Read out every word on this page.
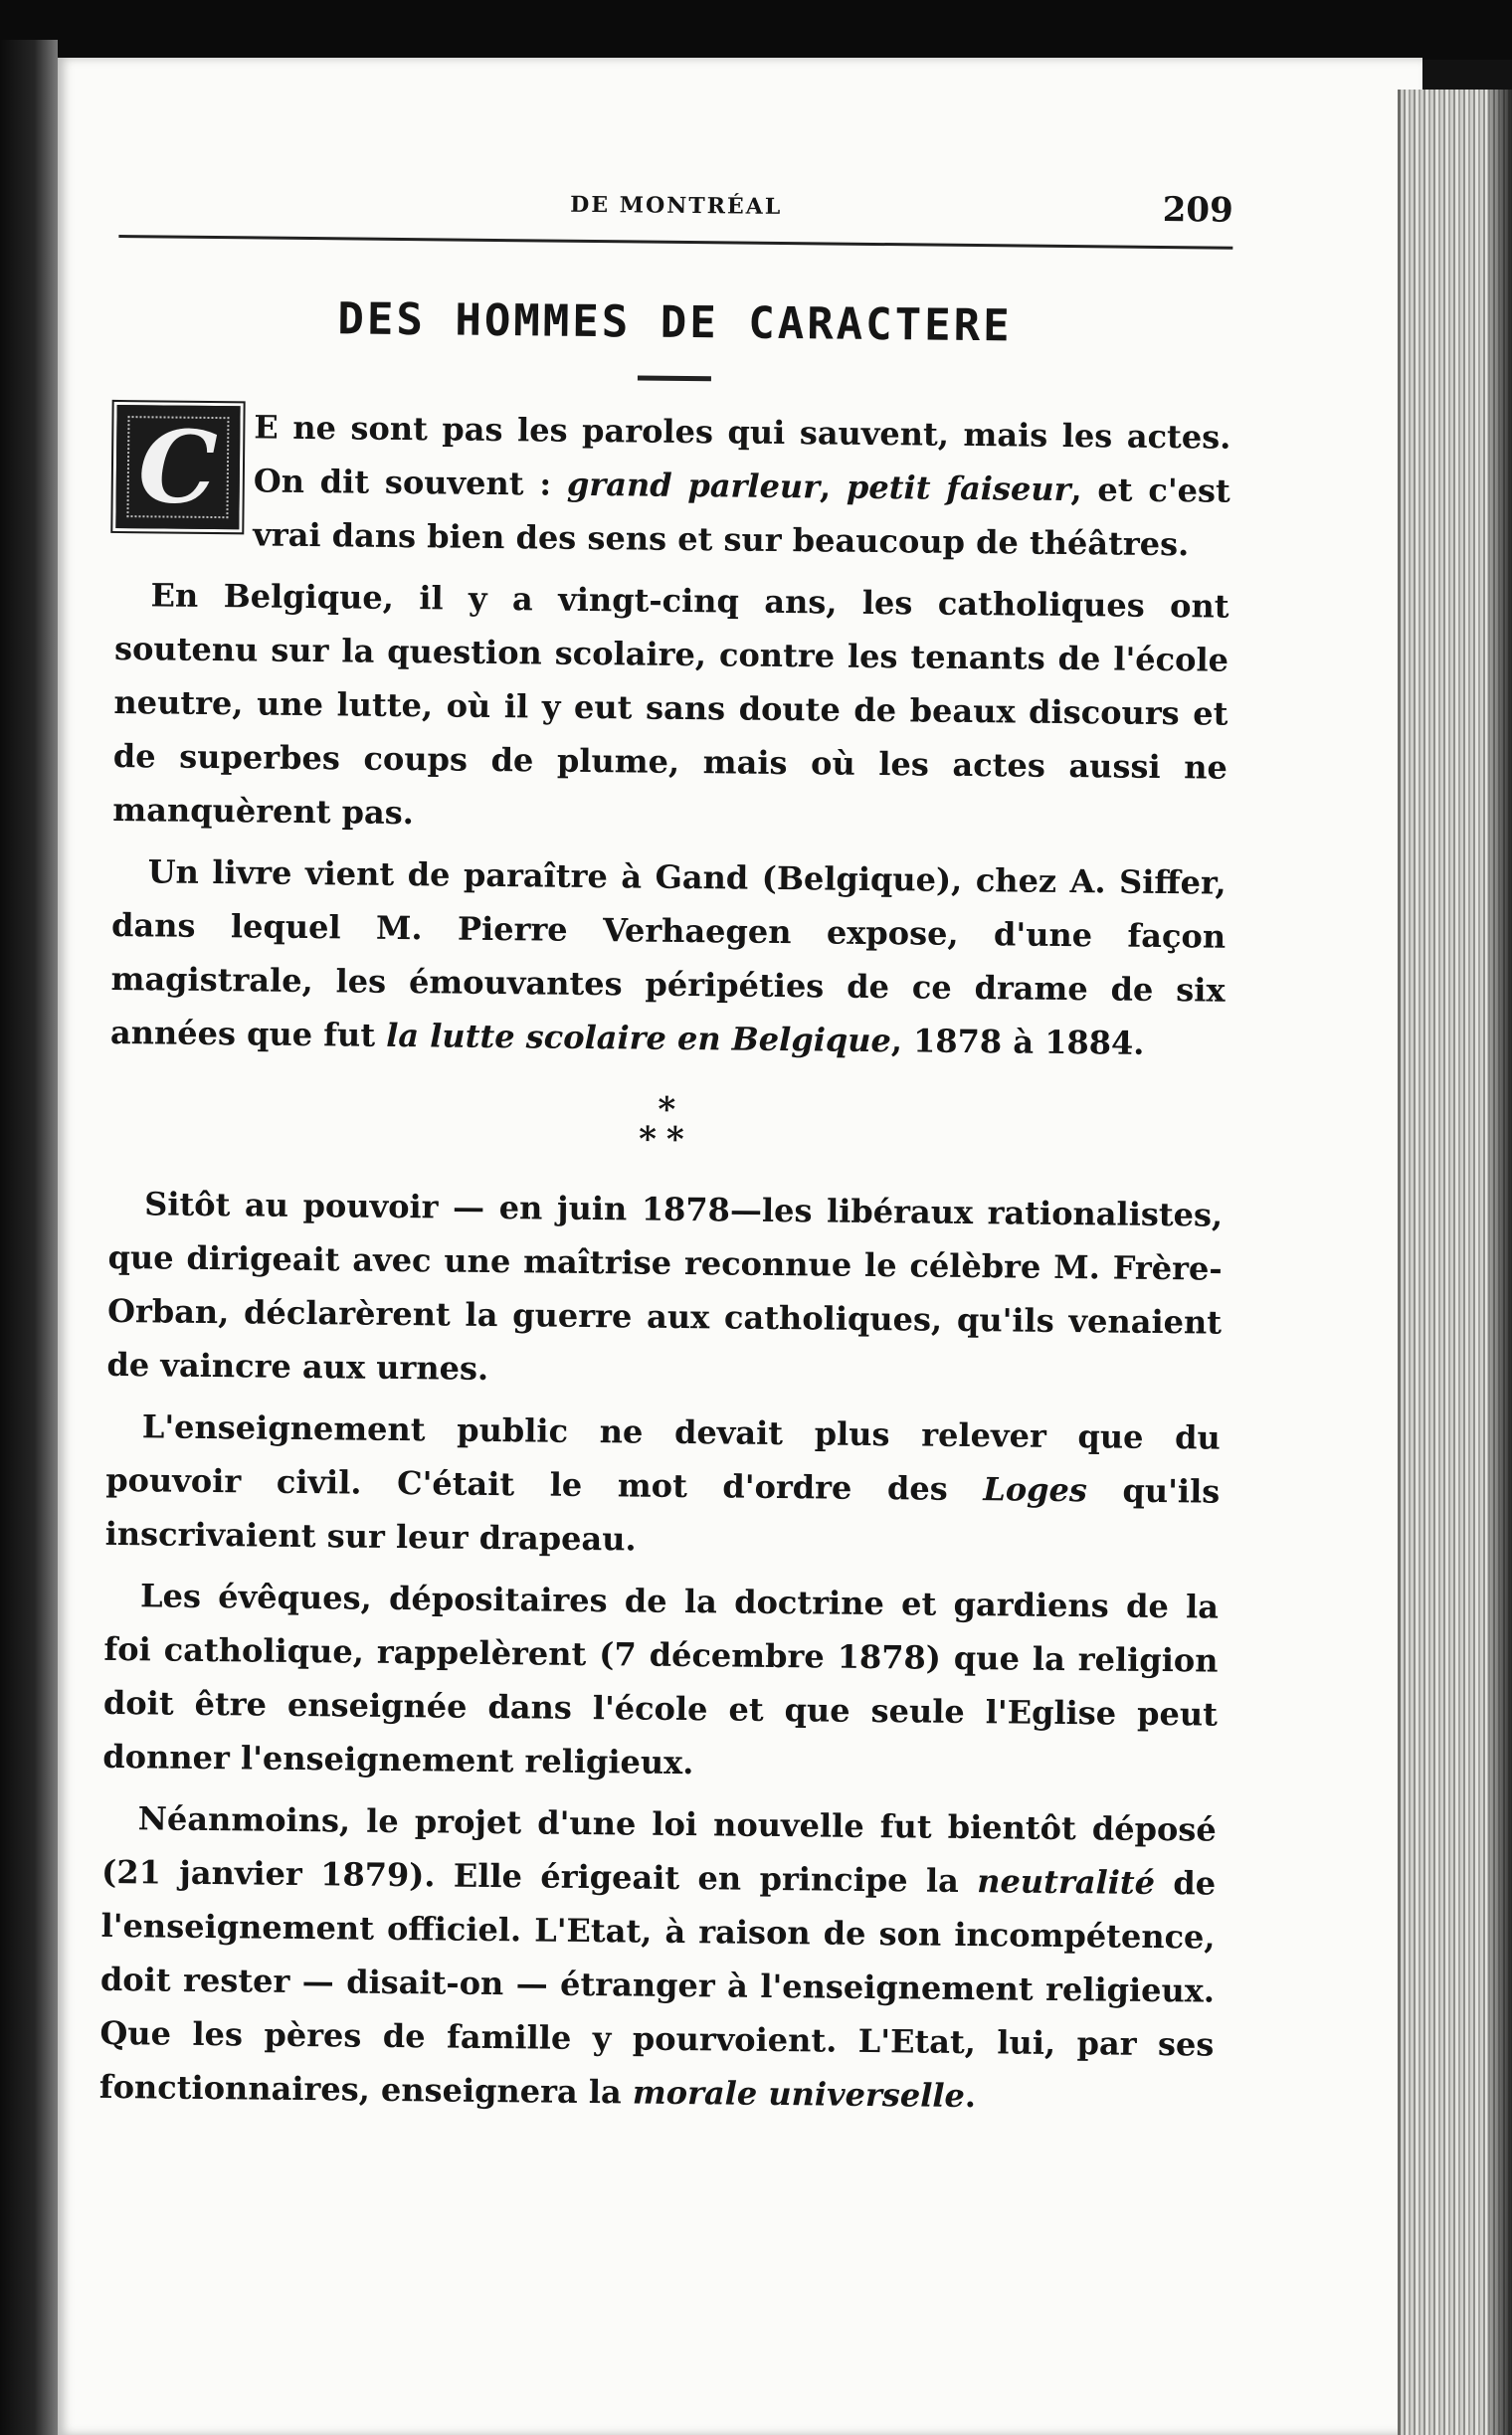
DE MONTRÉAL	209
DES HOMMES DE CARACTERE

C	E ne sont pas les paroles qui sauvent, mais les actes. On dit souvent : grand parleur, petit faiseur, et c'est vrai dans bien des sens et sur beaucoup de théâtres.

En Belgique, il y a vingt-cinq ans, les catholiques ont soutenu sur la question scolaire, contre les tenants de l'école neutre, une lutte, où il y eut sans doute de beaux discours et de superbes coups de plume, mais où les actes aussi ne manquèrent pas.

Un livre vient de paraître à Gand (Belgique), chez A. Siffer, dans lequel M. Pierre Verhaegen expose, d'une façon magistrale, les émouvantes péripéties de ce drame de six années que fut la lutte scolaire en Belgique, 1878 à 1884.

*
**

Sitôt au pouvoir — en juin 1878—les libéraux rationalistes, que dirigeait avec une maîtrise reconnue le célèbre M. Frère-Orban, déclarèrent la guerre aux catholiques, qu'ils venaient de vaincre aux urnes.

L'enseignement public ne devait plus relever que du pouvoir civil. C'était le mot d'ordre des Loges qu'ils inscrivaient sur leur drapeau.

Les évêques, dépositaires de la doctrine et gardiens de la foi catholique, rappelèrent (7 décembre 1878) que la religion doit être enseignée dans l'école et que seule l'Eglise peut donner l'enseignement religieux.

Néanmoins, le projet d'une loi nouvelle fut bientôt déposé (21 janvier 1879). Elle érigeait en principe la neutralité de l'enseignement officiel. L'Etat, à raison de son incompétence, doit rester — disait-on — étranger à l'enseignement religieux. Que les pères de famille y pourvoient. L'Etat, lui, par ses fonctionnaires, enseignera la morale universelle.
